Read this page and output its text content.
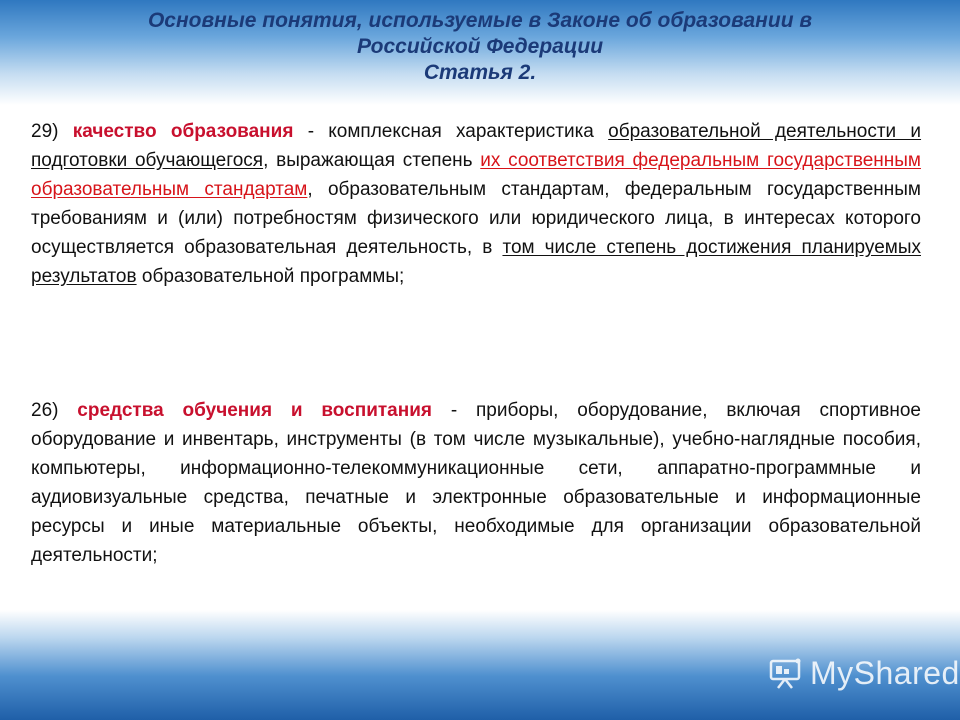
Основные понятия, используемые в Законе об образовании в
Российской Федерации
Статья 2.
29) качество образования - комплексная характеристика образовательной деятельности и подготовки обучающегося, выражающая степень их соответствия федеральным государственным образовательным стандартам, образовательным стандартам, федеральным государственным требованиям и (или) потребностям физического или юридического лица, в интересах которого осуществляется образовательная деятельность, в том числе степень достижения планируемых результатов образовательной программы;
26) средства обучения и воспитания - приборы, оборудование, включая спортивное оборудование и инвентарь, инструменты (в том числе музыкальные), учебно-наглядные пособия, компьютеры, информационно-телекоммуникационные сети, аппаратно-программные и аудиовизуальные средства, печатные и электронные образовательные и информационные ресурсы и иные материальные объекты, необходимые для организации образовательной деятельности;
MyShared
